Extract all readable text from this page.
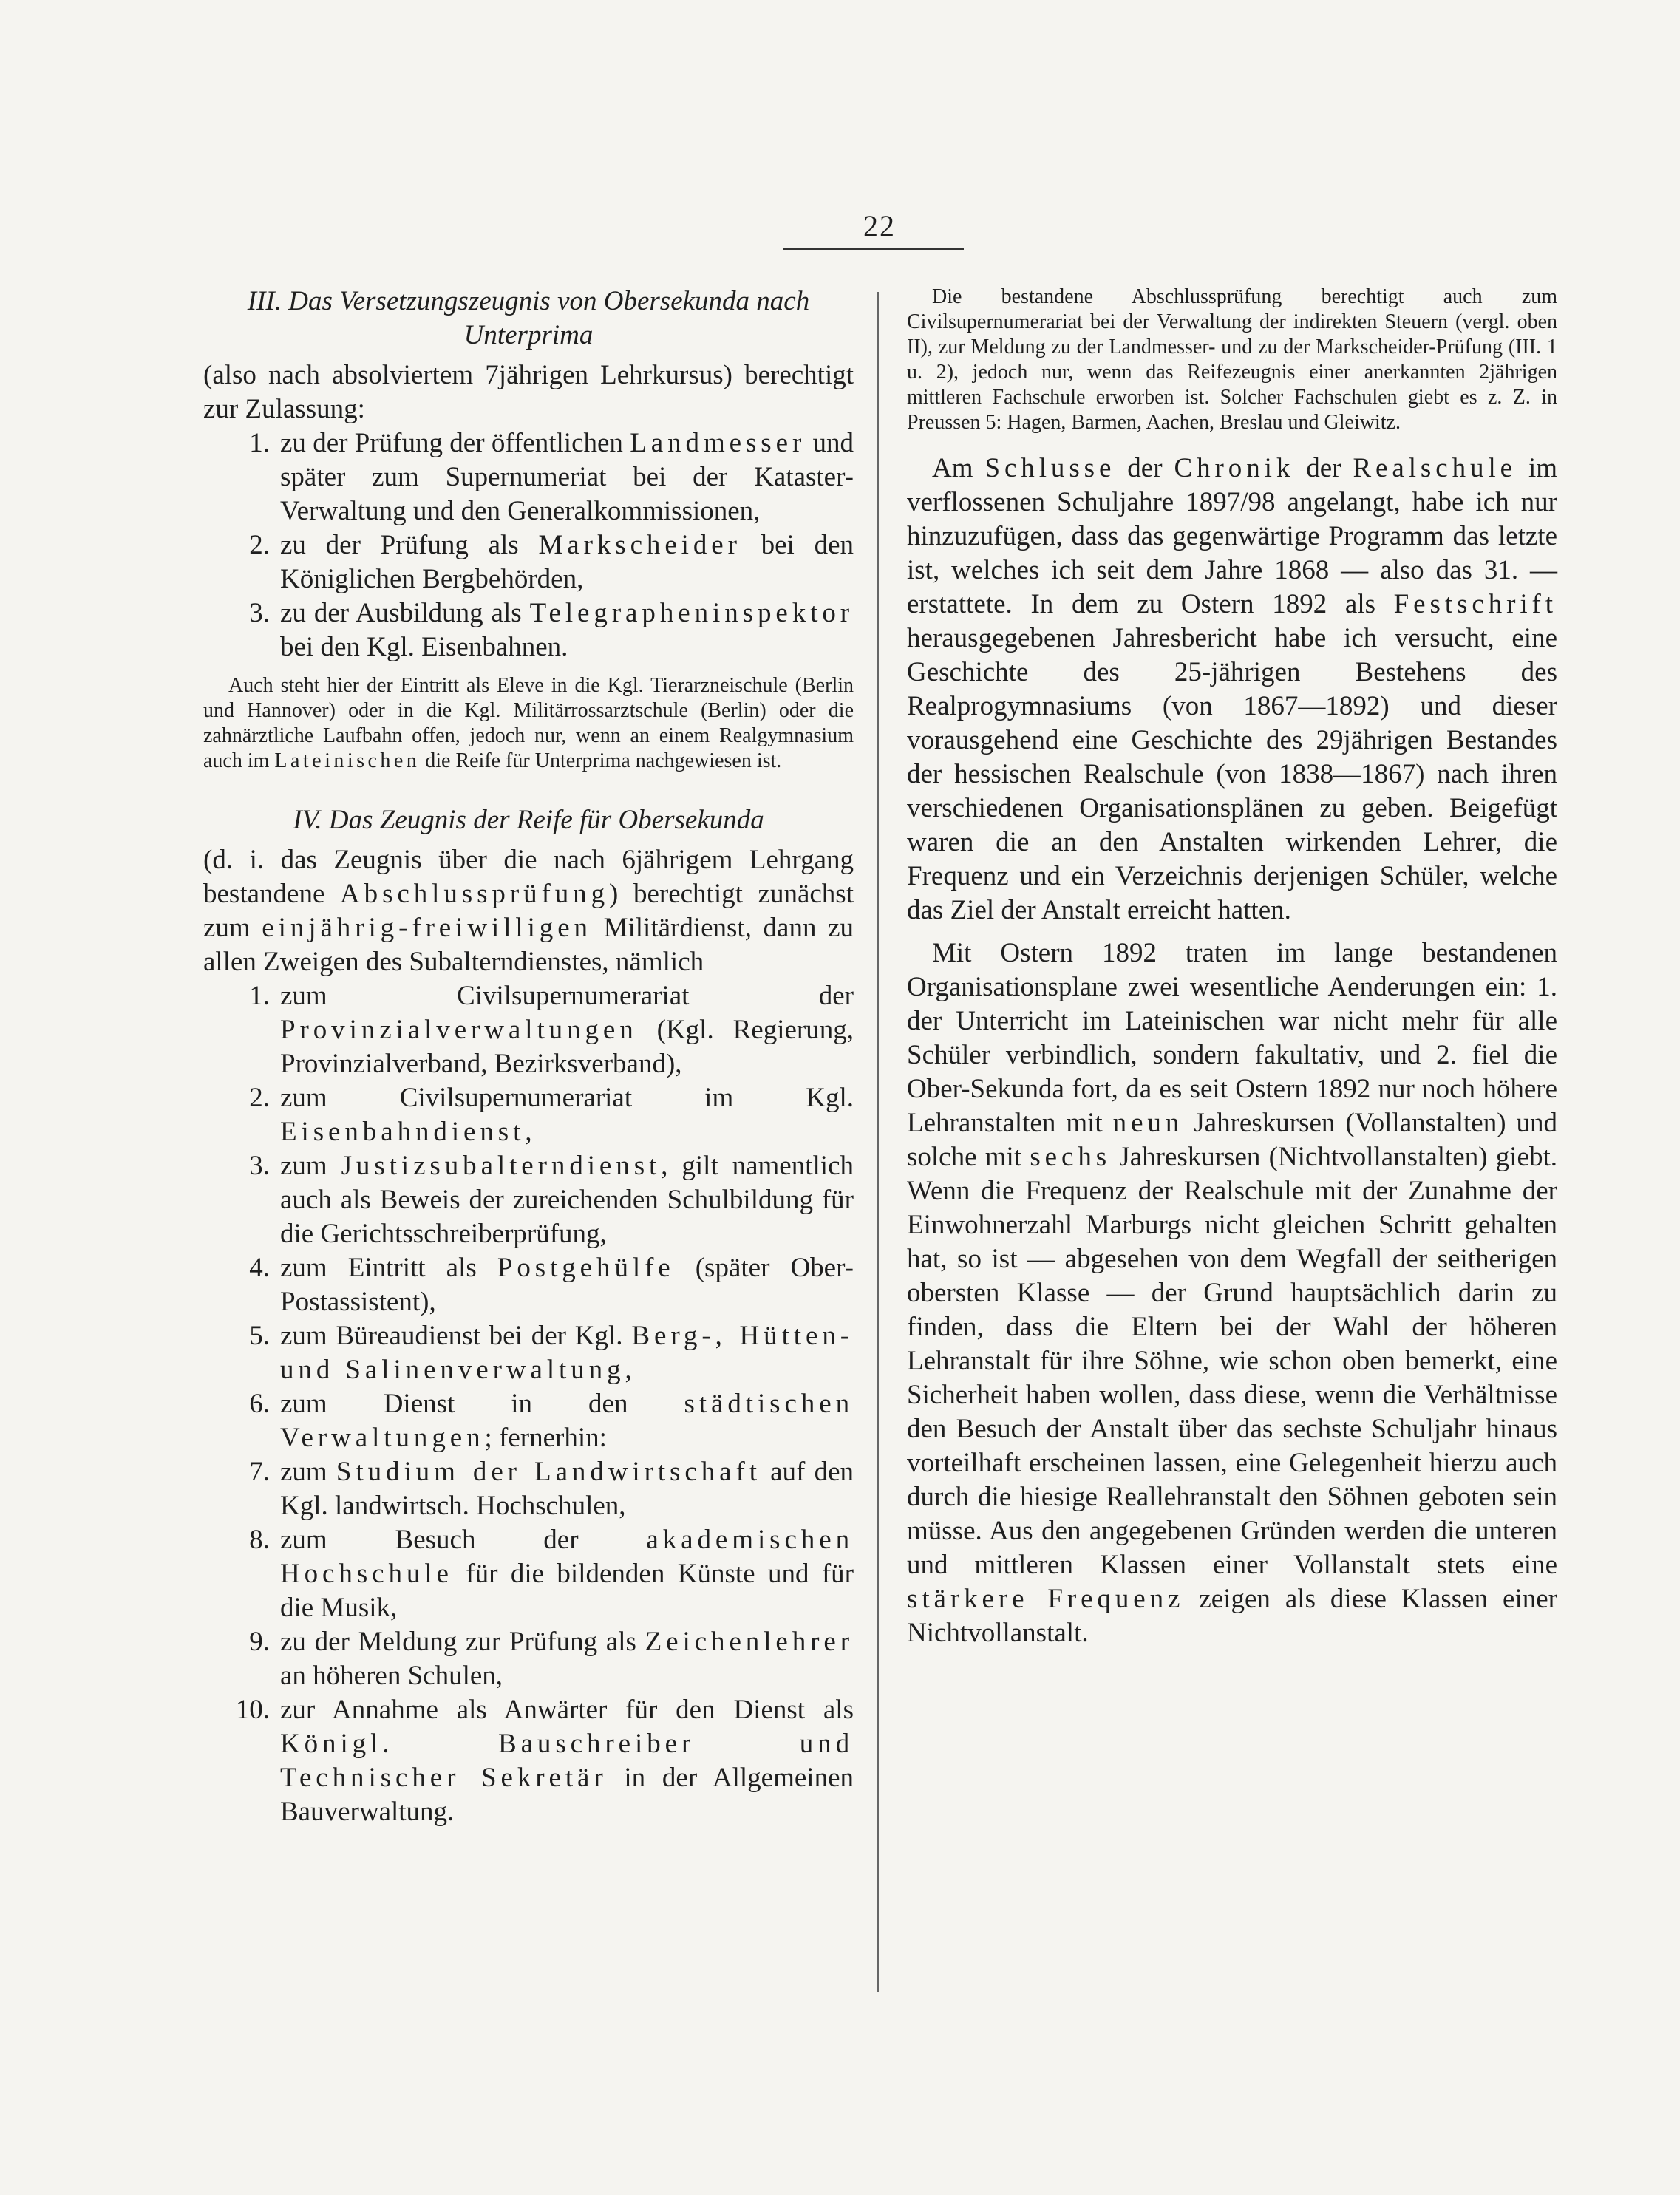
22

III. Das Versetzungszeugnis von Obersekunda nach Unterprima

(also nach absolviertem 7jährigen Lehrkursus) berechtigt zur Zulassung:

1. zu der Prüfung der öffentlichen Landmesser und später zum Supernumeriat bei der Kataster-Verwaltung und den Generalkommissionen,
2. zu der Prüfung als Markscheider bei den Königlichen Bergbehörden,
3. zu der Ausbildung als Telegrapheninspektor bei den Kgl. Eisenbahnen.

Auch steht hier der Eintritt als Eleve in die Kgl. Tierarzneischule (Berlin und Hannover) oder in die Kgl. Militärrossarztschule (Berlin) oder die zahnärztliche Laufbahn offen, jedoch nur, wenn an einem Realgymnasium auch im Lateinischen die Reife für Unterprima nachgewiesen ist.

IV. Das Zeugnis der Reife für Obersekunda

(d. i. das Zeugnis über die nach 6jährigem Lehrgang bestandene Abschlussprüfung) berechtigt zunächst zum einjährig-freiwilligen Militärdienst, dann zu allen Zweigen des Subalterndienstes, nämlich

1. zum Civilsupernumerariat der Provinzialverwaltungen (Kgl. Regierung, Provinzialverband, Bezirksverband),
2. zum Civilsupernumerariat im Kgl. Eisenbahndienst,
3. zum Justizsubalterndienst, gilt namentlich auch als Beweis der zureichenden Schulbildung für die Gerichtsschreiberprüfung,
4. zum Eintritt als Postgehülfe (später Ober-Postassistent),
5. zum Büreaudienst bei der Kgl. Berg-, Hütten- und Salinenverwaltung,
6. zum Dienst in den städtischen Verwaltungen; fernerhin:
7. zum Studium der Landwirtschaft auf den Kgl. landwirtsch. Hochschulen,
8. zum Besuch der akademischen Hochschule für die bildenden Künste und für die Musik,
9. zu der Meldung zur Prüfung als Zeichenlehrer an höheren Schulen,
10. zur Annahme als Anwärter für den Dienst als Königl. Bauschreiber und Technischer Sekretär in der Allgemeinen Bauverwaltung.

Die bestandene Abschlussprüfung berechtigt auch zum Civilsupernumerariat bei der Verwaltung der indirekten Steuern (vergl. oben II), zur Meldung zu der Landmesser- und zu der Markscheider-Prüfung (III. 1 u. 2), jedoch nur, wenn das Reifezeugnis einer anerkannten 2jährigen mittleren Fachschule erworben ist. Solcher Fachschulen giebt es z. Z. in Preussen 5: Hagen, Barmen, Aachen, Breslau und Gleiwitz.

Am Schlusse der Chronik der Realschule im verflossenen Schuljahre 1897/98 angelangt, habe ich nur hinzuzufügen, dass das gegenwärtige Programm das letzte ist, welches ich seit dem Jahre 1868 — also das 31. — erstattete. In dem zu Ostern 1892 als Festschrift herausgegebenen Jahresbericht habe ich versucht, eine Geschichte des 25-jährigen Bestehens des Realprogymnasiums (von 1867—1892) und dieser vorausgehend eine Geschichte des 29jährigen Bestandes der hessischen Realschule (von 1838—1867) nach ihren verschiedenen Organisationsplänen zu geben. Beigefügt waren die an den Anstalten wirkenden Lehrer, die Frequenz und ein Verzeichnis derjenigen Schüler, welche das Ziel der Anstalt erreicht hatten.

Mit Ostern 1892 traten im lange bestandenen Organisationsplane zwei wesentliche Aenderungen ein: 1. der Unterricht im Lateinischen war nicht mehr für alle Schüler verbindlich, sondern fakultativ, und 2. fiel die Ober-Sekunda fort, da es seit Ostern 1892 nur noch höhere Lehranstalten mit neun Jahreskursen (Vollanstalten) und solche mit sechs Jahreskursen (Nichtvollanstalten) giebt. Wenn die Frequenz der Realschule mit der Zunahme der Einwohnerzahl Marburgs nicht gleichen Schritt gehalten hat, so ist — abgesehen von dem Wegfall der seitherigen obersten Klasse — der Grund hauptsächlich darin zu finden, dass die Eltern bei der Wahl der höheren Lehranstalt für ihre Söhne, wie schon oben bemerkt, eine Sicherheit haben wollen, dass diese, wenn die Verhältnisse den Besuch der Anstalt über das sechste Schuljahr hinaus vorteilhaft erscheinen lassen, eine Gelegenheit hierzu auch durch die hiesige Reallehranstalt den Söhnen geboten sein müsse. Aus den angegebenen Gründen werden die unteren und mittleren Klassen einer Vollanstalt stets eine stärkere Frequenz zeigen als diese Klassen einer Nichtvollanstalt.
